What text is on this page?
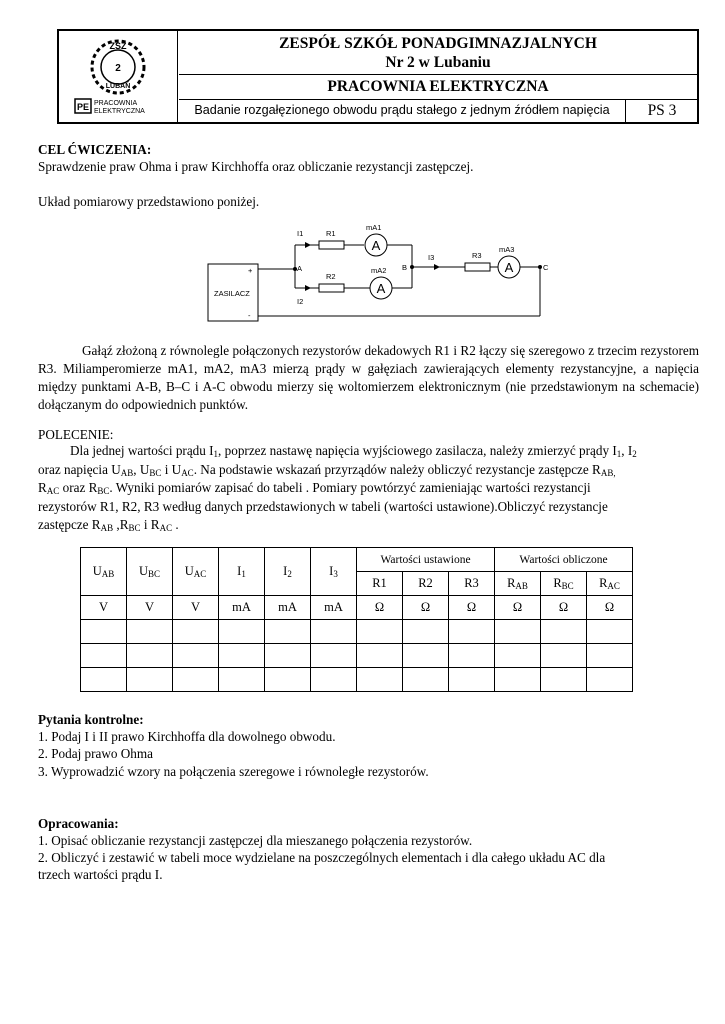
ZSZ
2
LUBAŃ
PE PRACOWNIA
ELEKTRYCZNA
ZESPÓŁ SZKÓŁ PONADGIMNAZJALNYCH
Nr 2 w Lubaniu
PRACOWNIA ELEKTRYCZNA
Badanie rozgałęzionego obwodu prądu stałego z jednym źródłem napięcia	PS 3
CEL ĆWICZENIA:
Sprawdzenie praw Ohma i praw Kirchhoffa oraz obliczanie rezystancji zastępczej.
Układ pomiarowy przedstawiono poniżej.
ZASILACZ
+
-
I1
I2
I3
R1
R2
R3
mA1
mA2
mA3
A	B	C
A
A
A
Gałąź złożoną z równolegle połączonych rezystorów dekadowych R1 i R2 łączy się szeregowo z trzecim rezystorem R3. Miliamperomierze mA1, mA2, mA3 mierzą prądy w gałęziach zawierających elementy rezystancyjne, a napięcia między punktami A-B, B–C i A-C obwodu mierzy się woltomierzem elektronicznym (nie przedstawionym na schemacie) dołączanym do odpowiednich punktów.
POLECENIE:
Dla jednej wartości prądu $I_1$, poprzez nastawę napięcia wyjściowego zasilacza, należy zmierzyć prądy $I_1$, $I_2$
oraz napięcia $U_{AB}$, $U_{BC}$ i $U_{AC}$. Na podstawie wskazań przyrządów należy obliczyć rezystancje zastępcze $R_{AB,}$
$R_{AC}$ oraz $R_{BC}$. Wyniki pomiarów zapisać do tabeli . Pomiary powtórzyć zamieniając wartości rezystancji
rezystorów R1, R2, R3 według danych przedstawionych w tabeli (wartości ustawione).Obliczyć rezystancje
zastępcze $R_{AB}$ $,R_{BC}$ i $R_{AC}$ .
$U_{AB}$	$U_{BC}$	$U_{AC}$	$I_1$	$I_2$	$I_3$	Wartości ustawione			Wartości obliczone		
						R1	R2	R3	$R_{AB}$	$R_{BC}$	$R_{AC}$
V	V	V	mA	mA	mA	Ω	Ω	Ω	Ω	Ω	Ω

Pytania kontrolne:
1. Podaj I i II prawo Kirchhoffa dla dowolnego obwodu.
2. Podaj prawo Ohma
3. Wyprowadzić wzory na połączenia szeregowe i równoległe rezystorów.
Opracowania:
1. Opisać obliczanie rezystancji zastępczej dla mieszanego połączenia rezystorów.
2. Obliczyć i zestawić w tabeli moce wydzielane na poszczególnych elementach i dla całego układu AC dla
trzech wartości prądu I.
